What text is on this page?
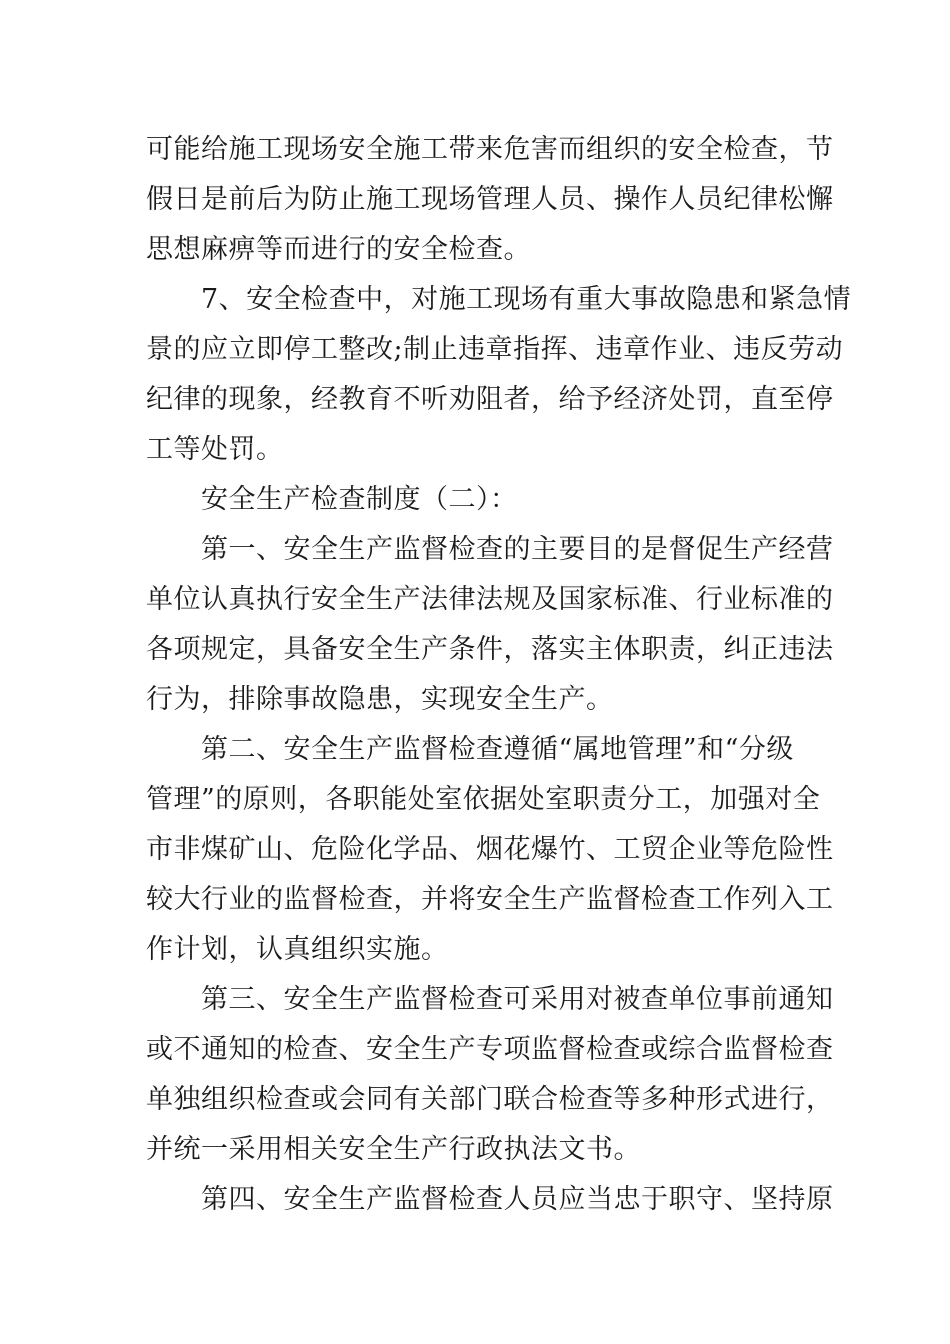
可能给施工现场安全施工带来危害而组织的安全检查，节
假日是前后为防止施工现场管理人员、操作人员纪律松懈
思想麻痹等而进行的安全检查。
7、安全检查中，对施工现场有重大事故隐患和紧急情
景的应立即停工整改;制止违章指挥、违章作业、违反劳动
纪律的现象，经教育不听劝阻者，给予经济处罚，直至停
工等处罚。
安全生产检查制度（二）：
第一、安全生产监督检查的主要目的是督促生产经营
单位认真执行安全生产法律法规及国家标准、行业标准的
各项规定，具备安全生产条件，落实主体职责，纠正违法
行为，排除事故隐患，实现安全生产。
第二、安全生产监督检查遵循“属地管理”和“分级
管理”的原则，各职能处室依据处室职责分工，加强对全
市非煤矿山、危险化学品、烟花爆竹、工贸企业等危险性
较大行业的监督检查，并将安全生产监督检查工作列入工
作计划，认真组织实施。
第三、安全生产监督检查可采用对被查单位事前通知
或不通知的检查、安全生产专项监督检查或综合监督检查
单独组织检查或会同有关部门联合检查等多种形式进行，
并统一采用相关安全生产行政执法文书。
第四、安全生产监督检查人员应当忠于职守、坚持原
